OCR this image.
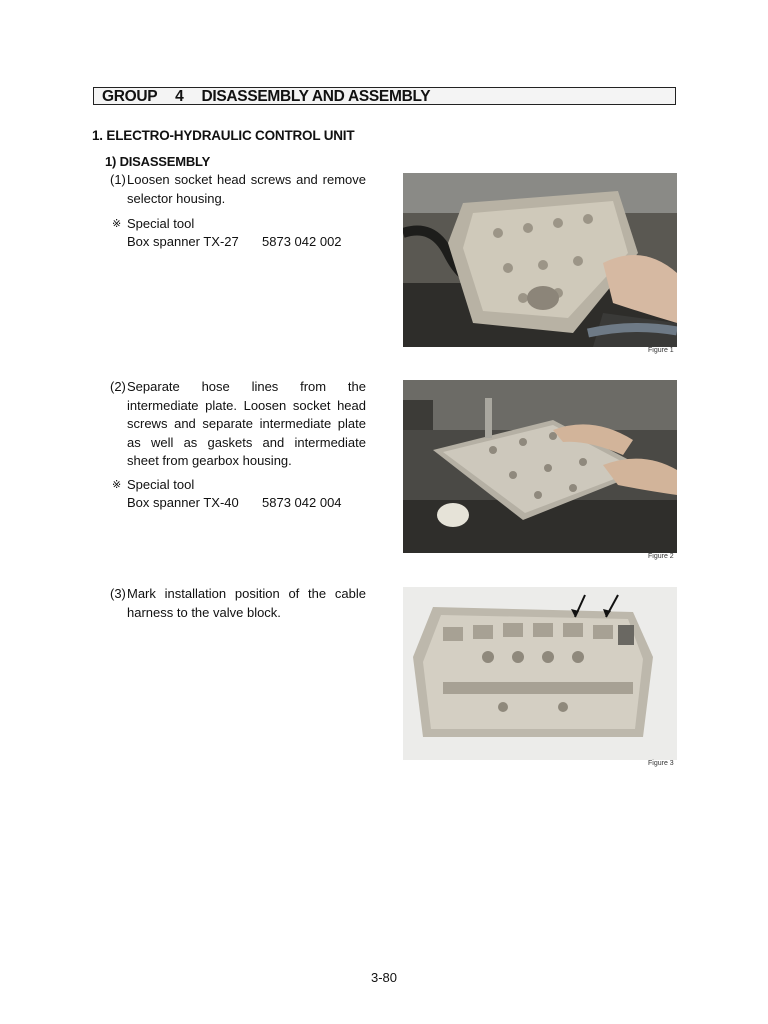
GROUP 4 DISASSEMBLY AND ASSEMBLY
1. ELECTRO-HYDRAULIC CONTROL UNIT
1) DISASSEMBLY
(1) Loosen socket head screws and remove selector housing.
※ Special tool
Box spanner TX-27 5873 042 002
Figure 1
(2) Separate hose lines from the intermediate plate. Loosen socket head screws and separate intermediate plate as well as gaskets and intermediate sheet from gearbox housing.
※ Special tool
Box spanner TX-40 5873 042 004
Figure 2
(3) Mark installation position of the cable harness to the valve block.
Figure 3
3-80
